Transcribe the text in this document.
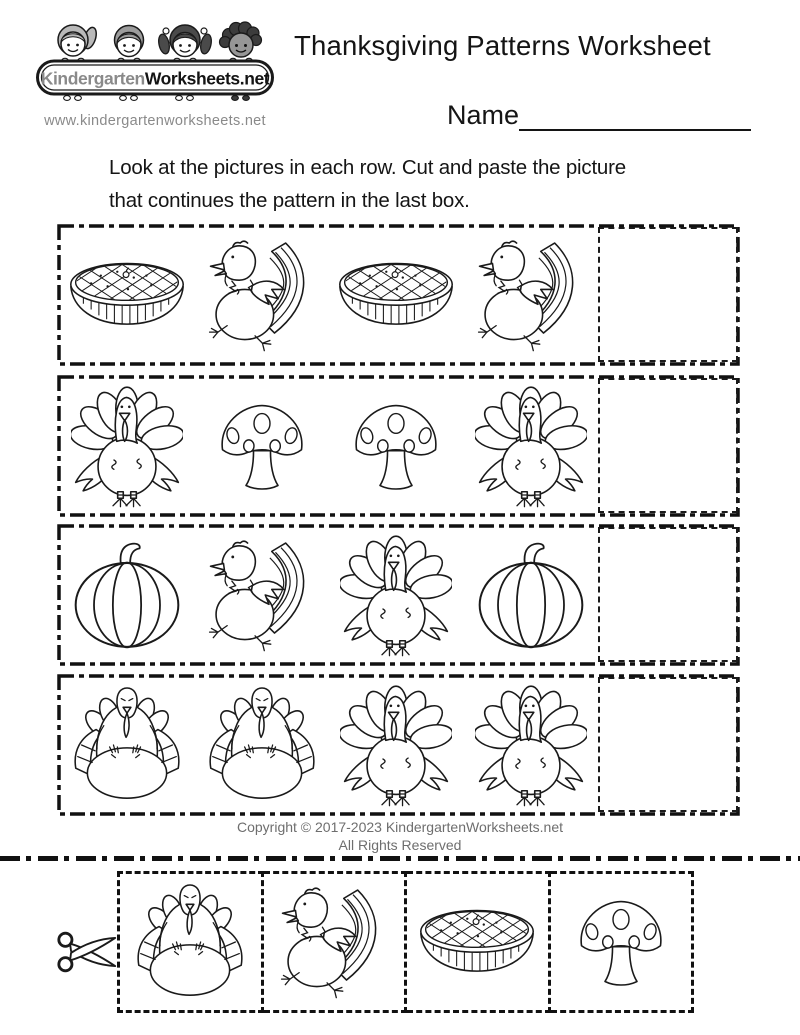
KindergartenWorksheets.net
www.kindergartenworksheets.net
Thanksgiving Patterns Worksheet
Name
Look at the pictures in each row. Cut and paste the picture
that continues the pattern in the last box.
Copyright © 2017-2023 KindergartenWorksheets.net
All Rights Reserved
